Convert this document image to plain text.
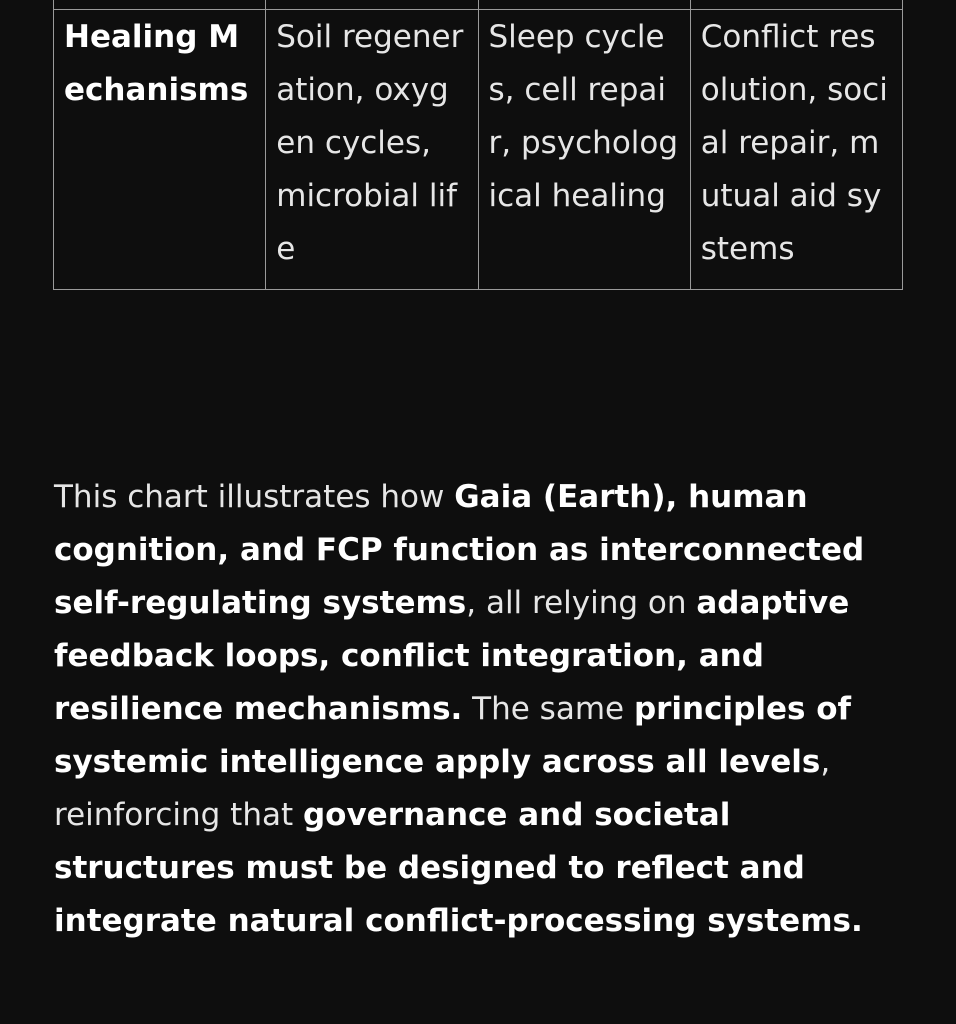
Healing Mechanisms	Soil regeneration, oxygen cycles, microbial life	Sleep cycles, cell repair, psychological healing	Conflict resolution, social repair, mutual aid systems
This chart illustrates how Gaia (Earth), human cognition, and FCP function as interconnected self-regulating systems, all relying on adaptive feedback loops, conflict integration, and resilience mechanisms. The same principles of systemic intelligence apply across all levels, reinforcing that governance and societal structures must be designed to reflect and integrate natural conflict-processing systems.
